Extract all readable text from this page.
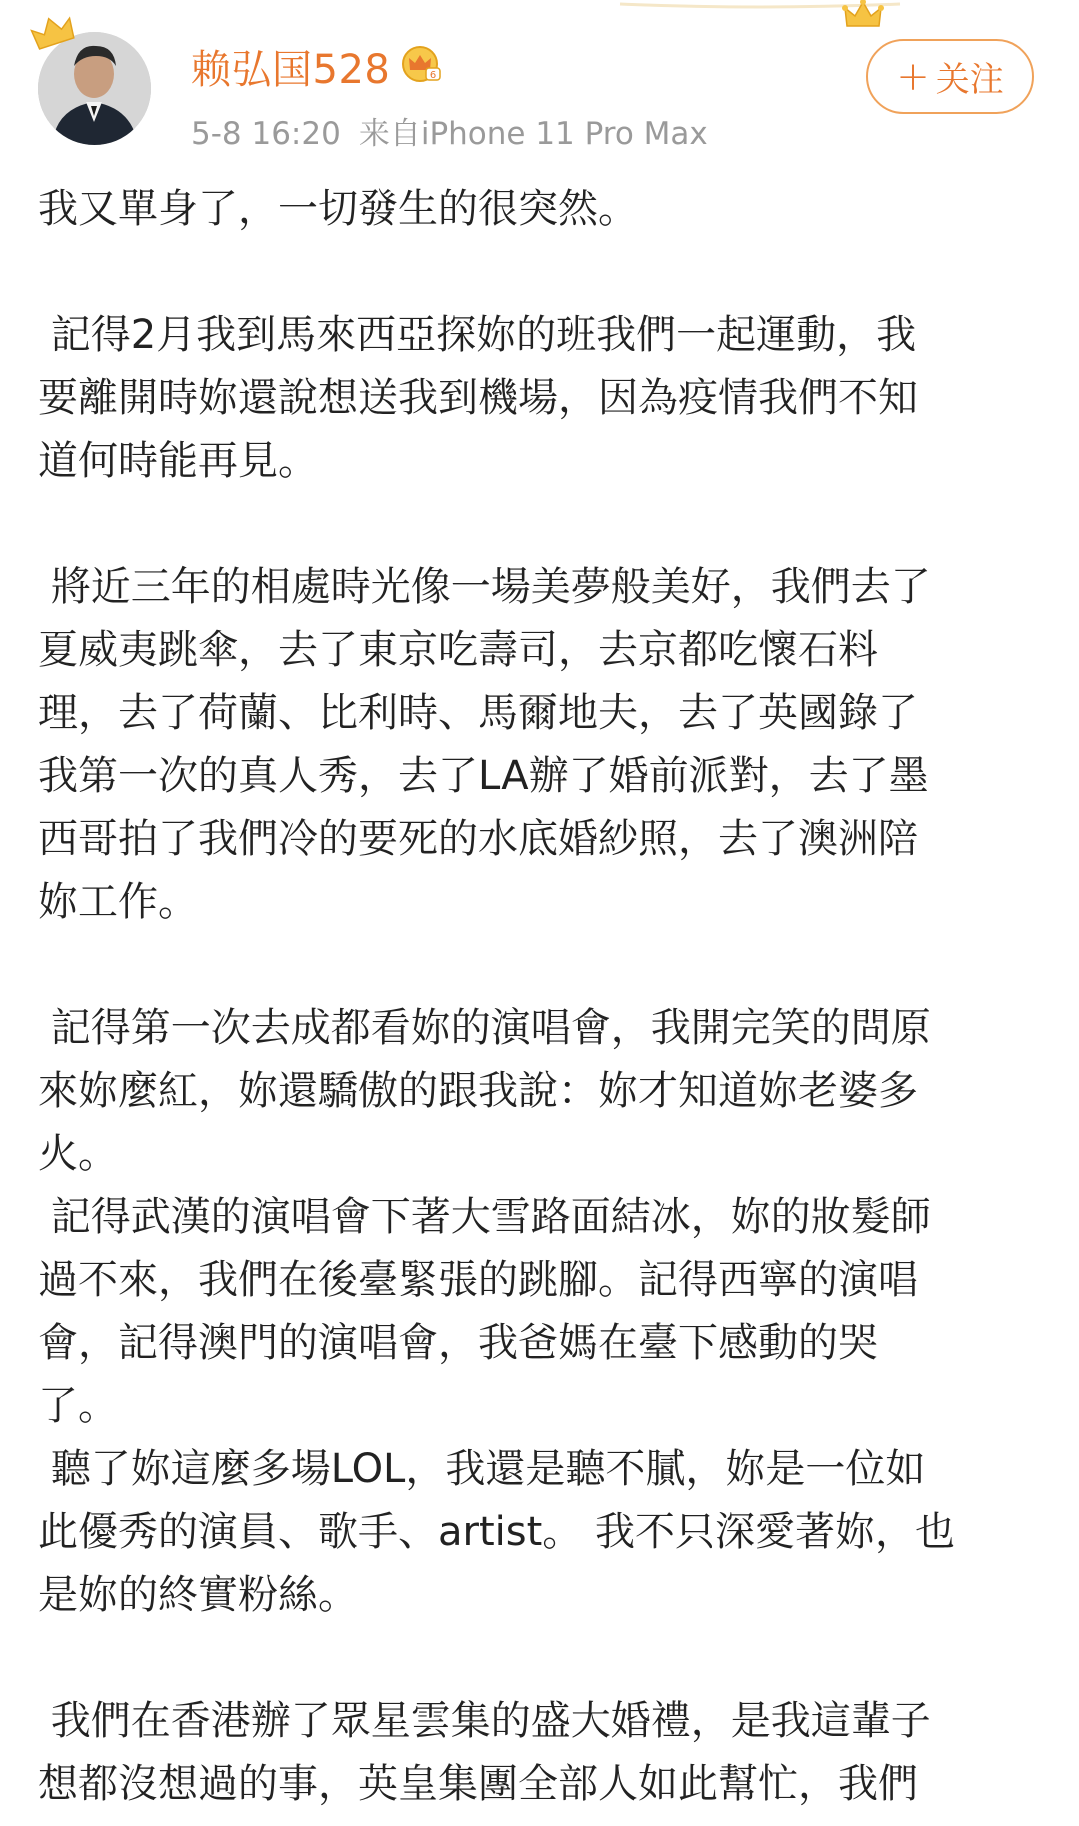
赖弘国528	6
5-8 16:20 来自iPhone 11 Pro Max
+ 关注

我又單身了，一切發生的很突然。

記得2月我到馬來西亞探妳的班我們一起運動，我

要離開時妳還說想送我到機場，因為疫情我們不知

道何時能再見。

將近三年的相處時光像一場美夢般美好，我們去了

夏威夷跳傘，去了東京吃壽司，去京都吃懷石料

理，去了荷蘭、比利時、馬爾地夫，去了英國錄了

我第一次的真人秀，去了LA辦了婚前派對，去了墨

西哥拍了我們冷的要死的水底婚紗照，去了澳洲陪

妳工作。

記得第一次去成都看妳的演唱會，我開完笑的問原

來妳麼紅，妳還驕傲的跟我說：妳才知道妳老婆多

火。

記得武漢的演唱會下著大雪路面結冰，妳的妝髮師

過不來，我們在後臺緊張的跳腳。記得西寧的演唱

會，記得澳門的演唱會，我爸媽在臺下感動的哭

了。

聽了妳這麼多場LOL，我還是聽不膩，妳是一位如

此優秀的演員、歌手、artist。 我不只深愛著妳，也

是妳的終實粉絲。

我們在香港辦了眾星雲集的盛大婚禮，是我這輩子

想都沒想過的事，英皇集團全部人如此幫忙，我們
